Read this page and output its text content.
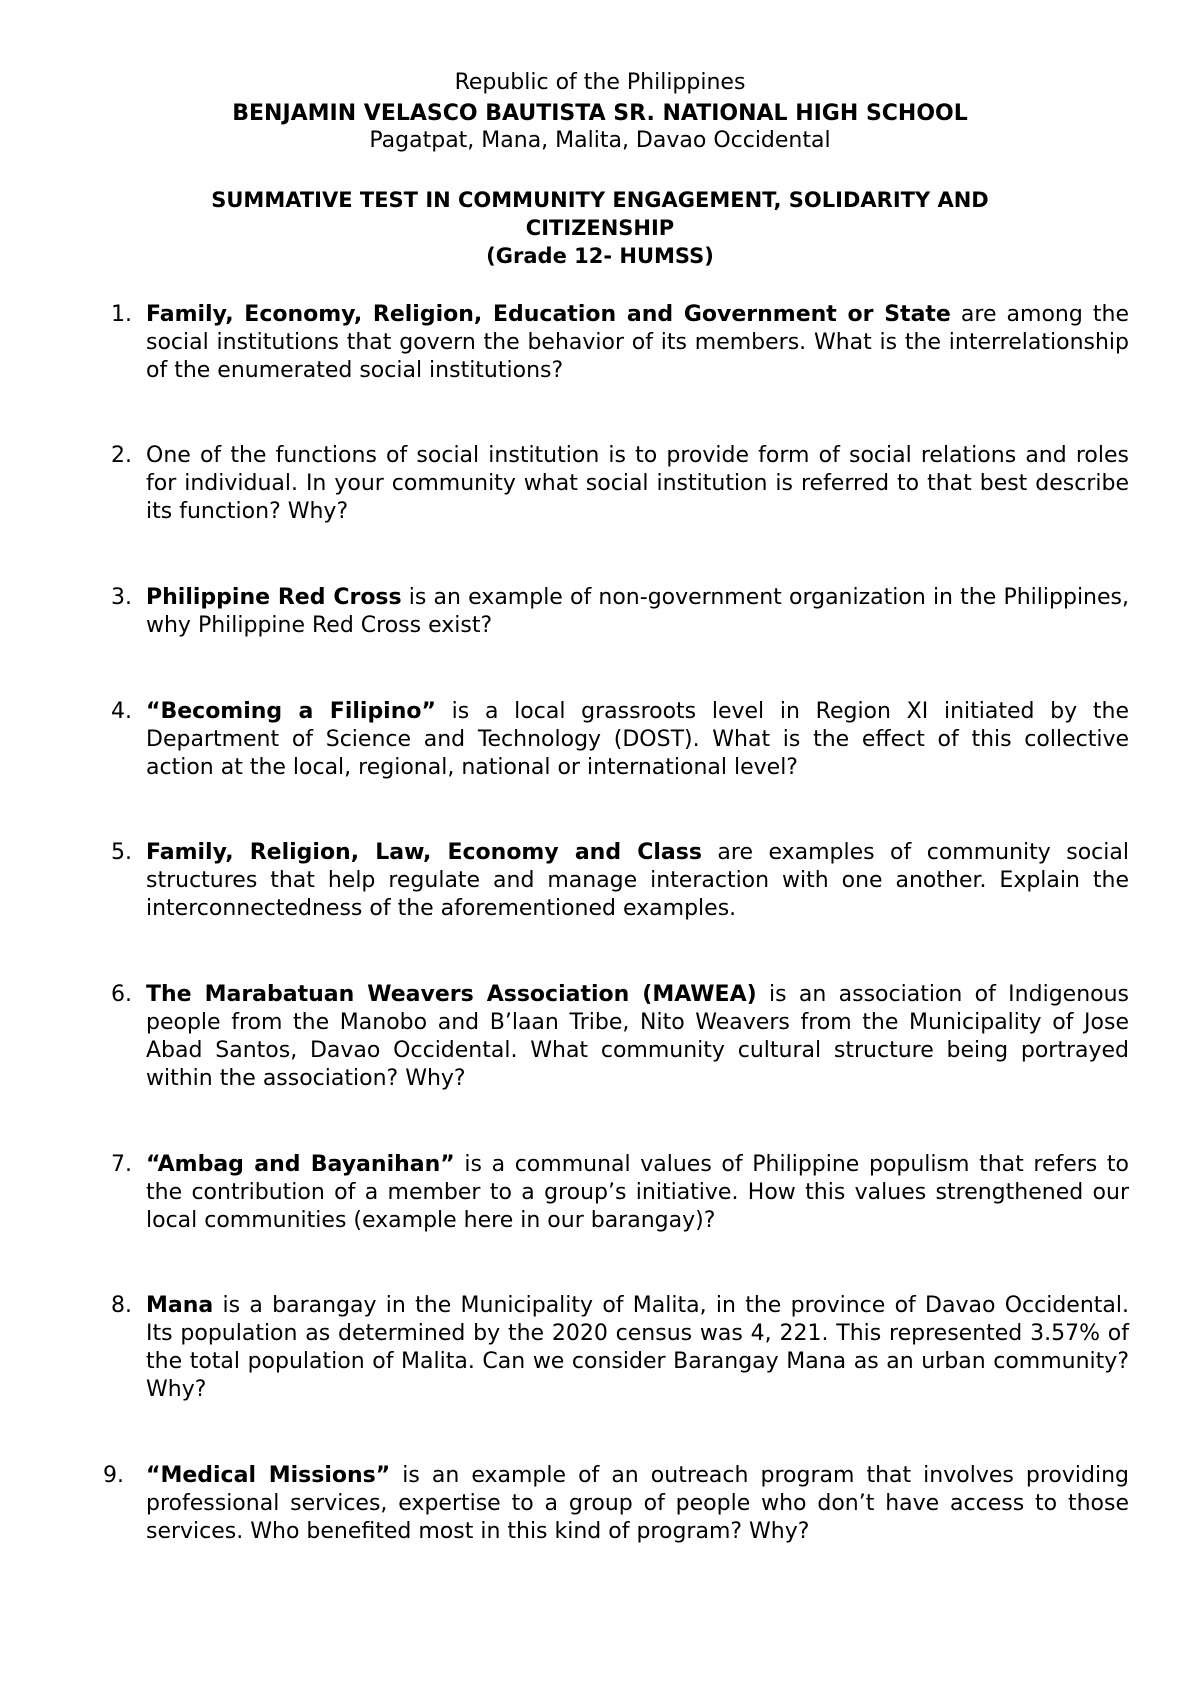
Republic of the Philippines
BENJAMIN VELASCO BAUTISTA SR. NATIONAL HIGH SCHOOL
Pagatpat, Mana, Malita, Davao Occidental
SUMMATIVE TEST IN COMMUNITY ENGAGEMENT, SOLIDARITY AND
CITIZENSHIP
(Grade 12- HUMSS)

1. Family, Economy, Religion, Education and Government or State are among the social institutions that govern the behavior of its members. What is the interrelationship of the enumerated social institutions?

2. One of the functions of social institution is to provide form of social relations and roles for individual. In your community what social institution is referred to that best describe its function? Why?

3. Philippine Red Cross is an example of non-government organization in the Philippines, why Philippine Red Cross exist?

4. “Becoming a Filipino” is a local grassroots level in Region XI initiated by the Department of Science and Technology (DOST). What is the effect of this collective action at the local, regional, national or international level?

5. Family, Religion, Law, Economy and Class are examples of community social structures that help regulate and manage interaction with one another. Explain the interconnectedness of the aforementioned examples.

6. The Marabatuan Weavers Association (MAWEA) is an association of Indigenous people from the Manobo and B’laan Tribe, Nito Weavers from the Municipality of Jose Abad Santos, Davao Occidental. What community cultural structure being portrayed within the association? Why?

7. “Ambag and Bayanihan” is a communal values of Philippine populism that refers to the contribution of a member to a group’s initiative. How this values strengthened our local communities (example here in our barangay)?

8. Mana is a barangay in the Municipality of Malita, in the province of Davao Occidental. Its population as determined by the 2020 census was 4, 221. This represented 3.57% of the total population of Malita. Can we consider Barangay Mana as an urban community? Why?

9. “Medical Missions” is an example of an outreach program that involves providing professional services, expertise to a group of people who don’t have access to those services. Who benefited most in this kind of program? Why?
